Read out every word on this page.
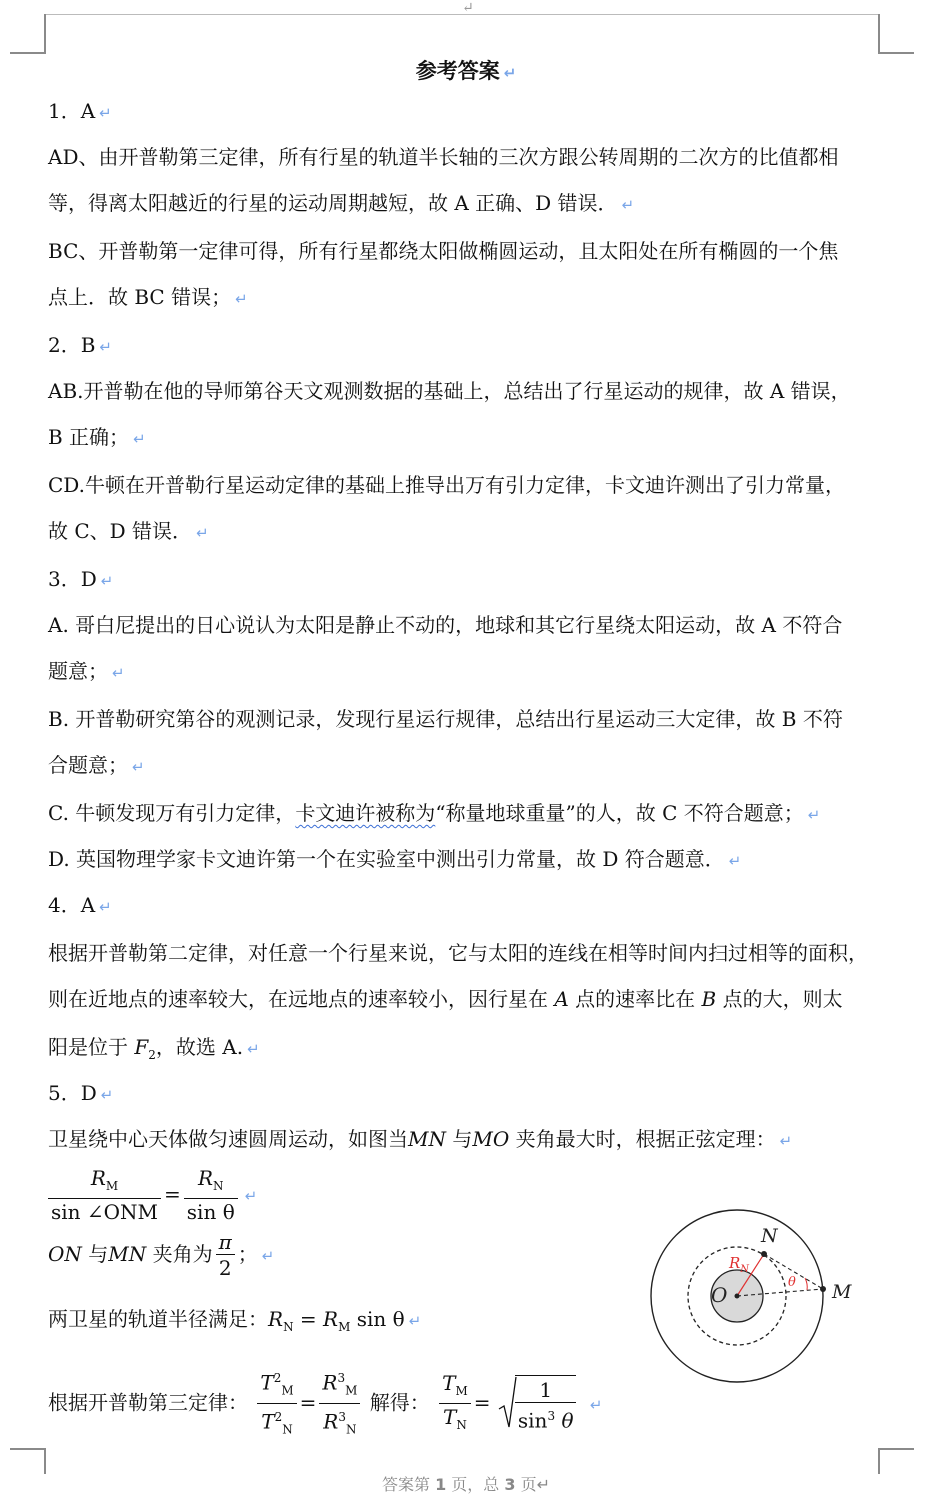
↵
参考答案 ↵
1．A ↵
AD、由开普勒第三定律，所有行星的轨道半长轴的三次方跟公转周期的二次方的比值都相
等，得离太阳越近的行星的运动周期越短，故 A 正确、D 错误． ↵
BC、开普勒第一定律可得，所有行星都绕太阳做椭圆运动，且太阳处在所有椭圆的一个焦
点上．故 BC 错误； ↵
2．B ↵
AB.开普勒在他的导师第谷天文观测数据的基础上，总结出了行星运动的规律，故 A 错误，
B 正确； ↵
CD.牛顿在开普勒行星运动定律的基础上推导出万有引力定律，卡文迪许测出了引力常量，
故 C、D 错误． ↵
3．D ↵
A. 哥白尼提出的日心说认为太阳是静止不动的，地球和其它行星绕太阳运动，故 A 不符合
题意； ↵
B. 开普勒研究第谷的观测记录，发现行星运行规律，总结出行星运动三大定律，故 B 不符
合题意； ↵
C. 牛顿发现万有引力定律，卡文迪许被称为“称量地球重量”的人，故 C 不符合题意； ↵
D. 英国物理学家卡文迪许第一个在实验室中测出引力常量，故 D 符合题意． ↵
4．A ↵
根据开普勒第二定律，对任意一个行星来说，它与太阳的连线在相等时间内扫过相等的面积，
则在近地点的速率较大，在远地点的速率较小，因行星在 A 点的速率比在 B 点的大，则太
阳是位于 $F_2$，故选 A. ↵
5．D ↵
卫星绕中心天体做匀速圆周运动，如图当MN 与MO 夹角最大时，根据正弦定理： ↵
$\frac{R_M}{\text{sin ∠ONM}} = \frac{R_N}{\text{sin θ}}$ ↵
ON 与MN 夹角为 $\frac{\pi}{2}$ ； ↵
两卫星的轨道半径满足：$R_N = R_M$ sin θ ↵
根据开普勒第三定律： $\frac{T^2_M}{T^2_N} = \frac{R^3_M}{R^3_N}$ 解得： $\frac{T_M}{T_N} = \frac{1}{\sin^3 \theta}$ ↵
N
O	M
$R_N$
θ
答案第 1 页，总 3 页↵
